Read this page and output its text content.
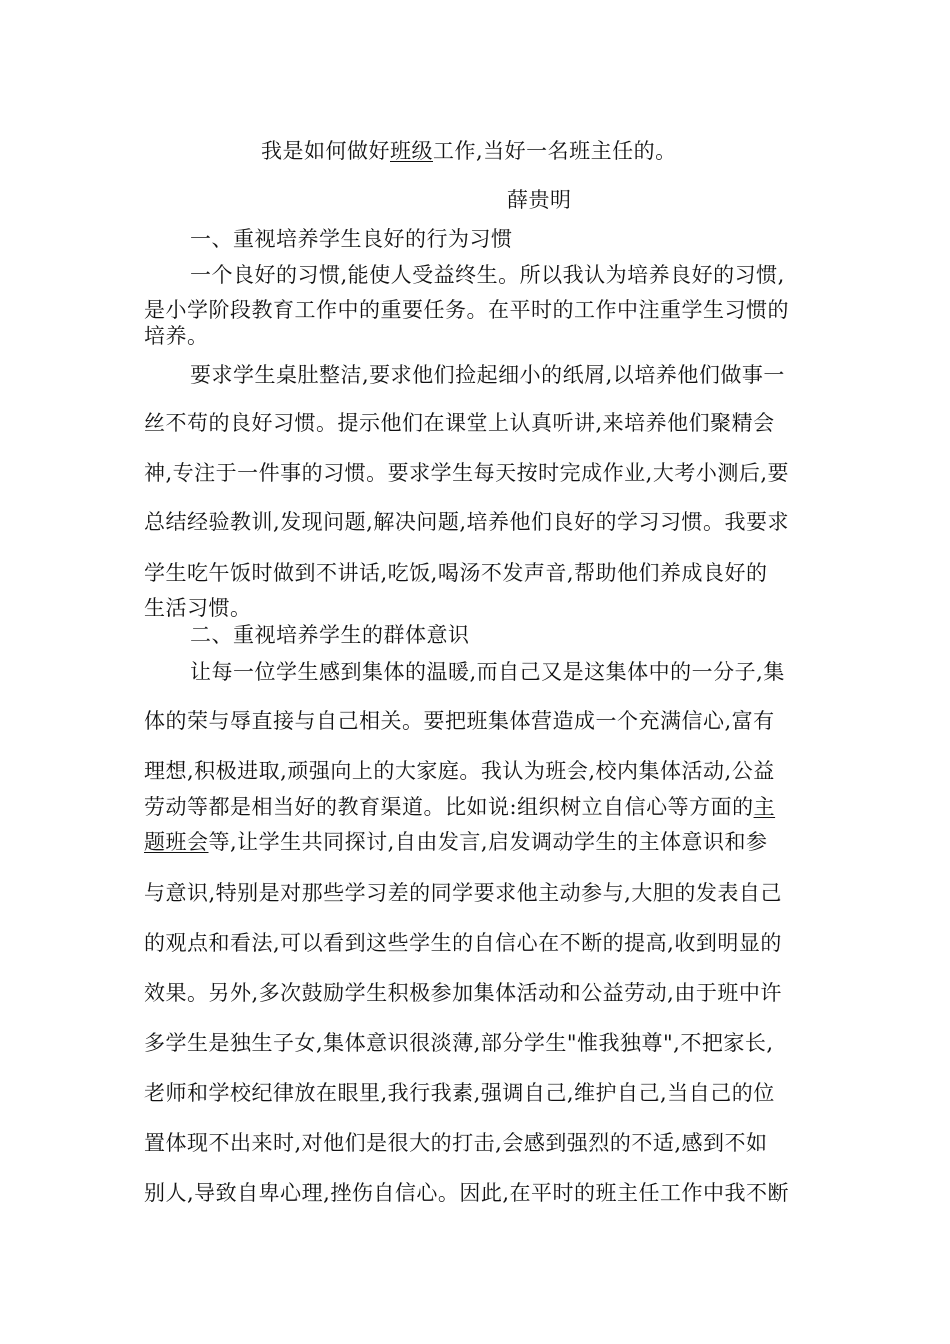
我是如何做好班级工作,当好一名班主任的。
薛贵明
一、重视培养学生良好的行为习惯
一个良好的习惯,能使人受益终生。所以我认为培养良好的习惯,
是小学阶段教育工作中的重要任务。在平时的工作中注重学生习惯的
培养。
要求学生桌肚整洁,要求他们捡起细小的纸屑,以培养他们做事一
丝不苟的良好习惯。提示他们在课堂上认真听讲,来培养他们聚精会
神,专注于一件事的习惯。要求学生每天按时完成作业,大考小测后,要
总结经验教训,发现问题,解决问题,培养他们良好的学习习惯。我要求
学生吃午饭时做到不讲话,吃饭,喝汤不发声音,帮助他们养成良好的
生活习惯。
二、重视培养学生的群体意识
让每一位学生感到集体的温暖,而自己又是这集体中的一分子,集
体的荣与辱直接与自己相关。要把班集体营造成一个充满信心,富有
理想,积极进取,顽强向上的大家庭。我认为班会,校内集体活动,公益
劳动等都是相当好的教育渠道。比如说:组织树立自信心等方面的主
题班会等,让学生共同探讨,自由发言,启发调动学生的主体意识和参
与意识,特别是对那些学习差的同学要求他主动参与,大胆的发表自己
的观点和看法,可以看到这些学生的自信心在不断的提高,收到明显的
效果。另外,多次鼓励学生积极参加集体活动和公益劳动,由于班中许
多学生是独生子女,集体意识很淡薄,部分学生"惟我独尊",不把家长,
老师和学校纪律放在眼里,我行我素,强调自己,维护自己,当自己的位
置体现不出来时,对他们是很大的打击,会感到强烈的不适,感到不如
别人,导致自卑心理,挫伤自信心。因此,在平时的班主任工作中我不断
